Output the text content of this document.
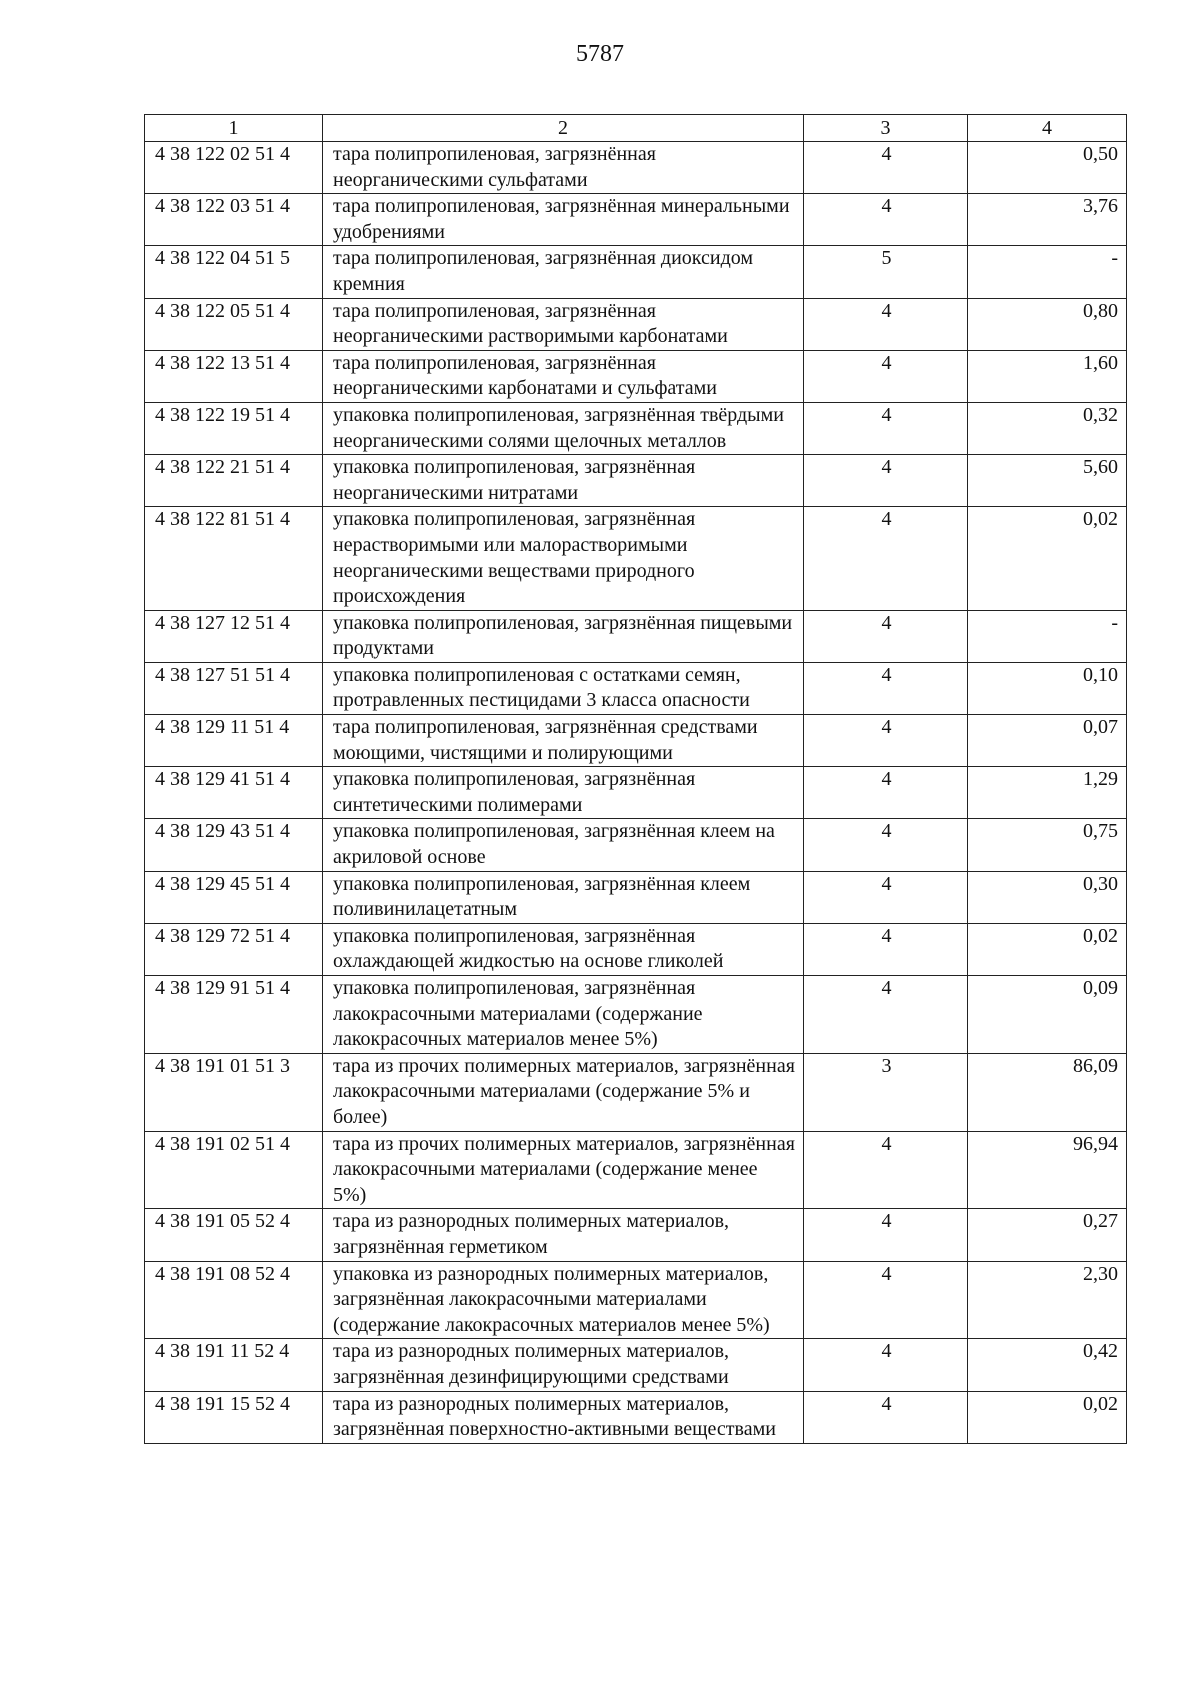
5787
1	2	3	4
4 38 122 02 51 4	тара полипропиленовая, загрязнённая неорганическими сульфатами	4	0,50
4 38 122 03 51 4	тара полипропиленовая, загрязнённая минеральными удобрениями	4	3,76
4 38 122 04 51 5	тара полипропиленовая, загрязнённая диоксидом кремния	5	-
4 38 122 05 51 4	тара полипропиленовая, загрязнённая неорганическими растворимыми карбонатами	4	0,80
4 38 122 13 51 4	тара полипропиленовая, загрязнённая неорганическими карбонатами и сульфатами	4	1,60
4 38 122 19 51 4	упаковка полипропиленовая, загрязнённая твёрдыми неорганическими солями щелочных металлов	4	0,32
4 38 122 21 51 4	упаковка полипропиленовая, загрязнённая неорганическими нитратами	4	5,60
4 38 122 81 51 4	упаковка полипропиленовая, загрязнённая нерастворимыми или малорастворимыми неорганическими веществами природного происхождения	4	0,02
4 38 127 12 51 4	упаковка полипропиленовая, загрязнённая пищевыми продуктами	4	-
4 38 127 51 51 4	упаковка полипропиленовая с остатками семян, протравленных пестицидами 3 класса опасности	4	0,10
4 38 129 11 51 4	тара полипропиленовая, загрязнённая средствами моющими, чистящими и полирующими	4	0,07
4 38 129 41 51 4	упаковка полипропиленовая, загрязнённая синтетическими полимерами	4	1,29
4 38 129 43 51 4	упаковка полипропиленовая, загрязнённая клеем на акриловой основе	4	0,75
4 38 129 45 51 4	упаковка полипропиленовая, загрязнённая клеем поливинилацетатным	4	0,30
4 38 129 72 51 4	упаковка полипропиленовая, загрязнённая охлаждающей жидкостью на основе гликолей	4	0,02
4 38 129 91 51 4	упаковка полипропиленовая, загрязнённая лакокрасочными материалами (содержание лакокрасочных материалов менее 5%)	4	0,09
4 38 191 01 51 3	тара из прочих полимерных материалов, загрязнённая лакокрасочными материалами (содержание 5% и более)	3	86,09
4 38 191 02 51 4	тара из прочих полимерных материалов, загрязнённая лакокрасочными материалами (содержание менее 5%)	4	96,94
4 38 191 05 52 4	тара из разнородных полимерных материалов, загрязнённая герметиком	4	0,27
4 38 191 08 52 4	упаковка из разнородных полимерных материалов, загрязнённая лакокрасочными материалами (содержание лакокрасочных материалов менее 5%)	4	2,30
4 38 191 11 52 4	тара из разнородных полимерных материалов, загрязнённая дезинфицирующими средствами	4	0,42
4 38 191 15 52 4	тара из разнородных полимерных материалов, загрязнённая поверхностно-активными веществами	4	0,02
